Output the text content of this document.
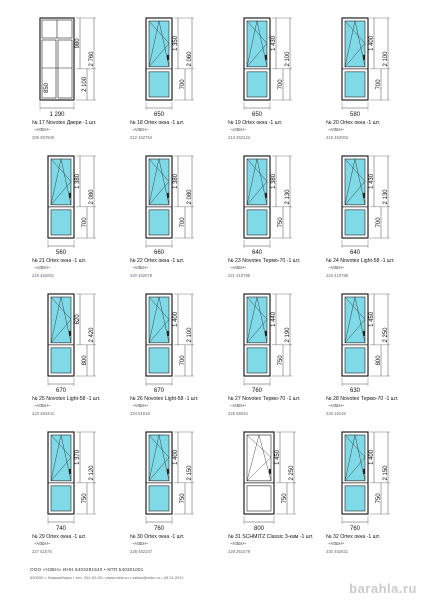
980
2 100
2 760
1 290
850
№ 17 Novotex Двери -1 шт.
~НЗБН~
205 357500
1 350
700
2 060
650
№ 18 Ortex окна -1 шт.
~НЗБН~
212 452754
1 430
700
2 100
650
№ 19 Ortex окна -1 шт.
~НЗБН~
213 452122
1 400
700
2 100
580
№ 20 Ortex окна -1 шт.
~НЗБН~
218 452004
1 380
700
2 080
560
№ 21 Ortex окна -1 шт.
~НЗБН~
219 452001
1 380
700
2 080
660
№ 22 Ortex окна -1 шт.
~НЗБН~
220 452078
1 380
750
2 130
640
№ 23 Novotex Термо-70 -1 шт.
~НЗБН~
221 410785
1 430
700
2 130
640
№ 24 Novotex Light-58 -1 шт.
~НЗБН~
222 410789
620
800
2 420
670
№ 25 Novotex Light-58 -1 шт.
~НЗБН~
223 364441
1 400
700
2 100
670
№ 26 Novotex Light-58 -1 шт.
~НЗБН~
224 51615
1 440
750
2 190
760
№ 27 Novotex Термо-70 -1 шт.
~НЗБН~
225 55034
1 450
800
2 250
630
№ 28 Novotex Термо-70 -1 шт.
~НЗБН~
226 19146
1 370
750
2 120
740
№ 29 Ortex окна -1 шт.
~НЗБН~
227 51675
1 400
750
2 150
760
№ 30 Ortex окна -1 шт.
~НЗБН~
228 452347
1 450
750
2 250
800
№ 31 SCHMITZ Classic 3-кам -1 шт.
~НЗБН~
229 351579
1 400
750
2 150
760
№ 32 Ortex окна -1 шт.
~НЗБН~
230 452831
ООО «НЗБН» ИНН 5403291540 • КПП 540301001
630000 г. Новосибирск • тел. 201-00-00 • www.nzbn.ru • zakaz@nzbn.ru • 28.01.2011
barahla.ru
